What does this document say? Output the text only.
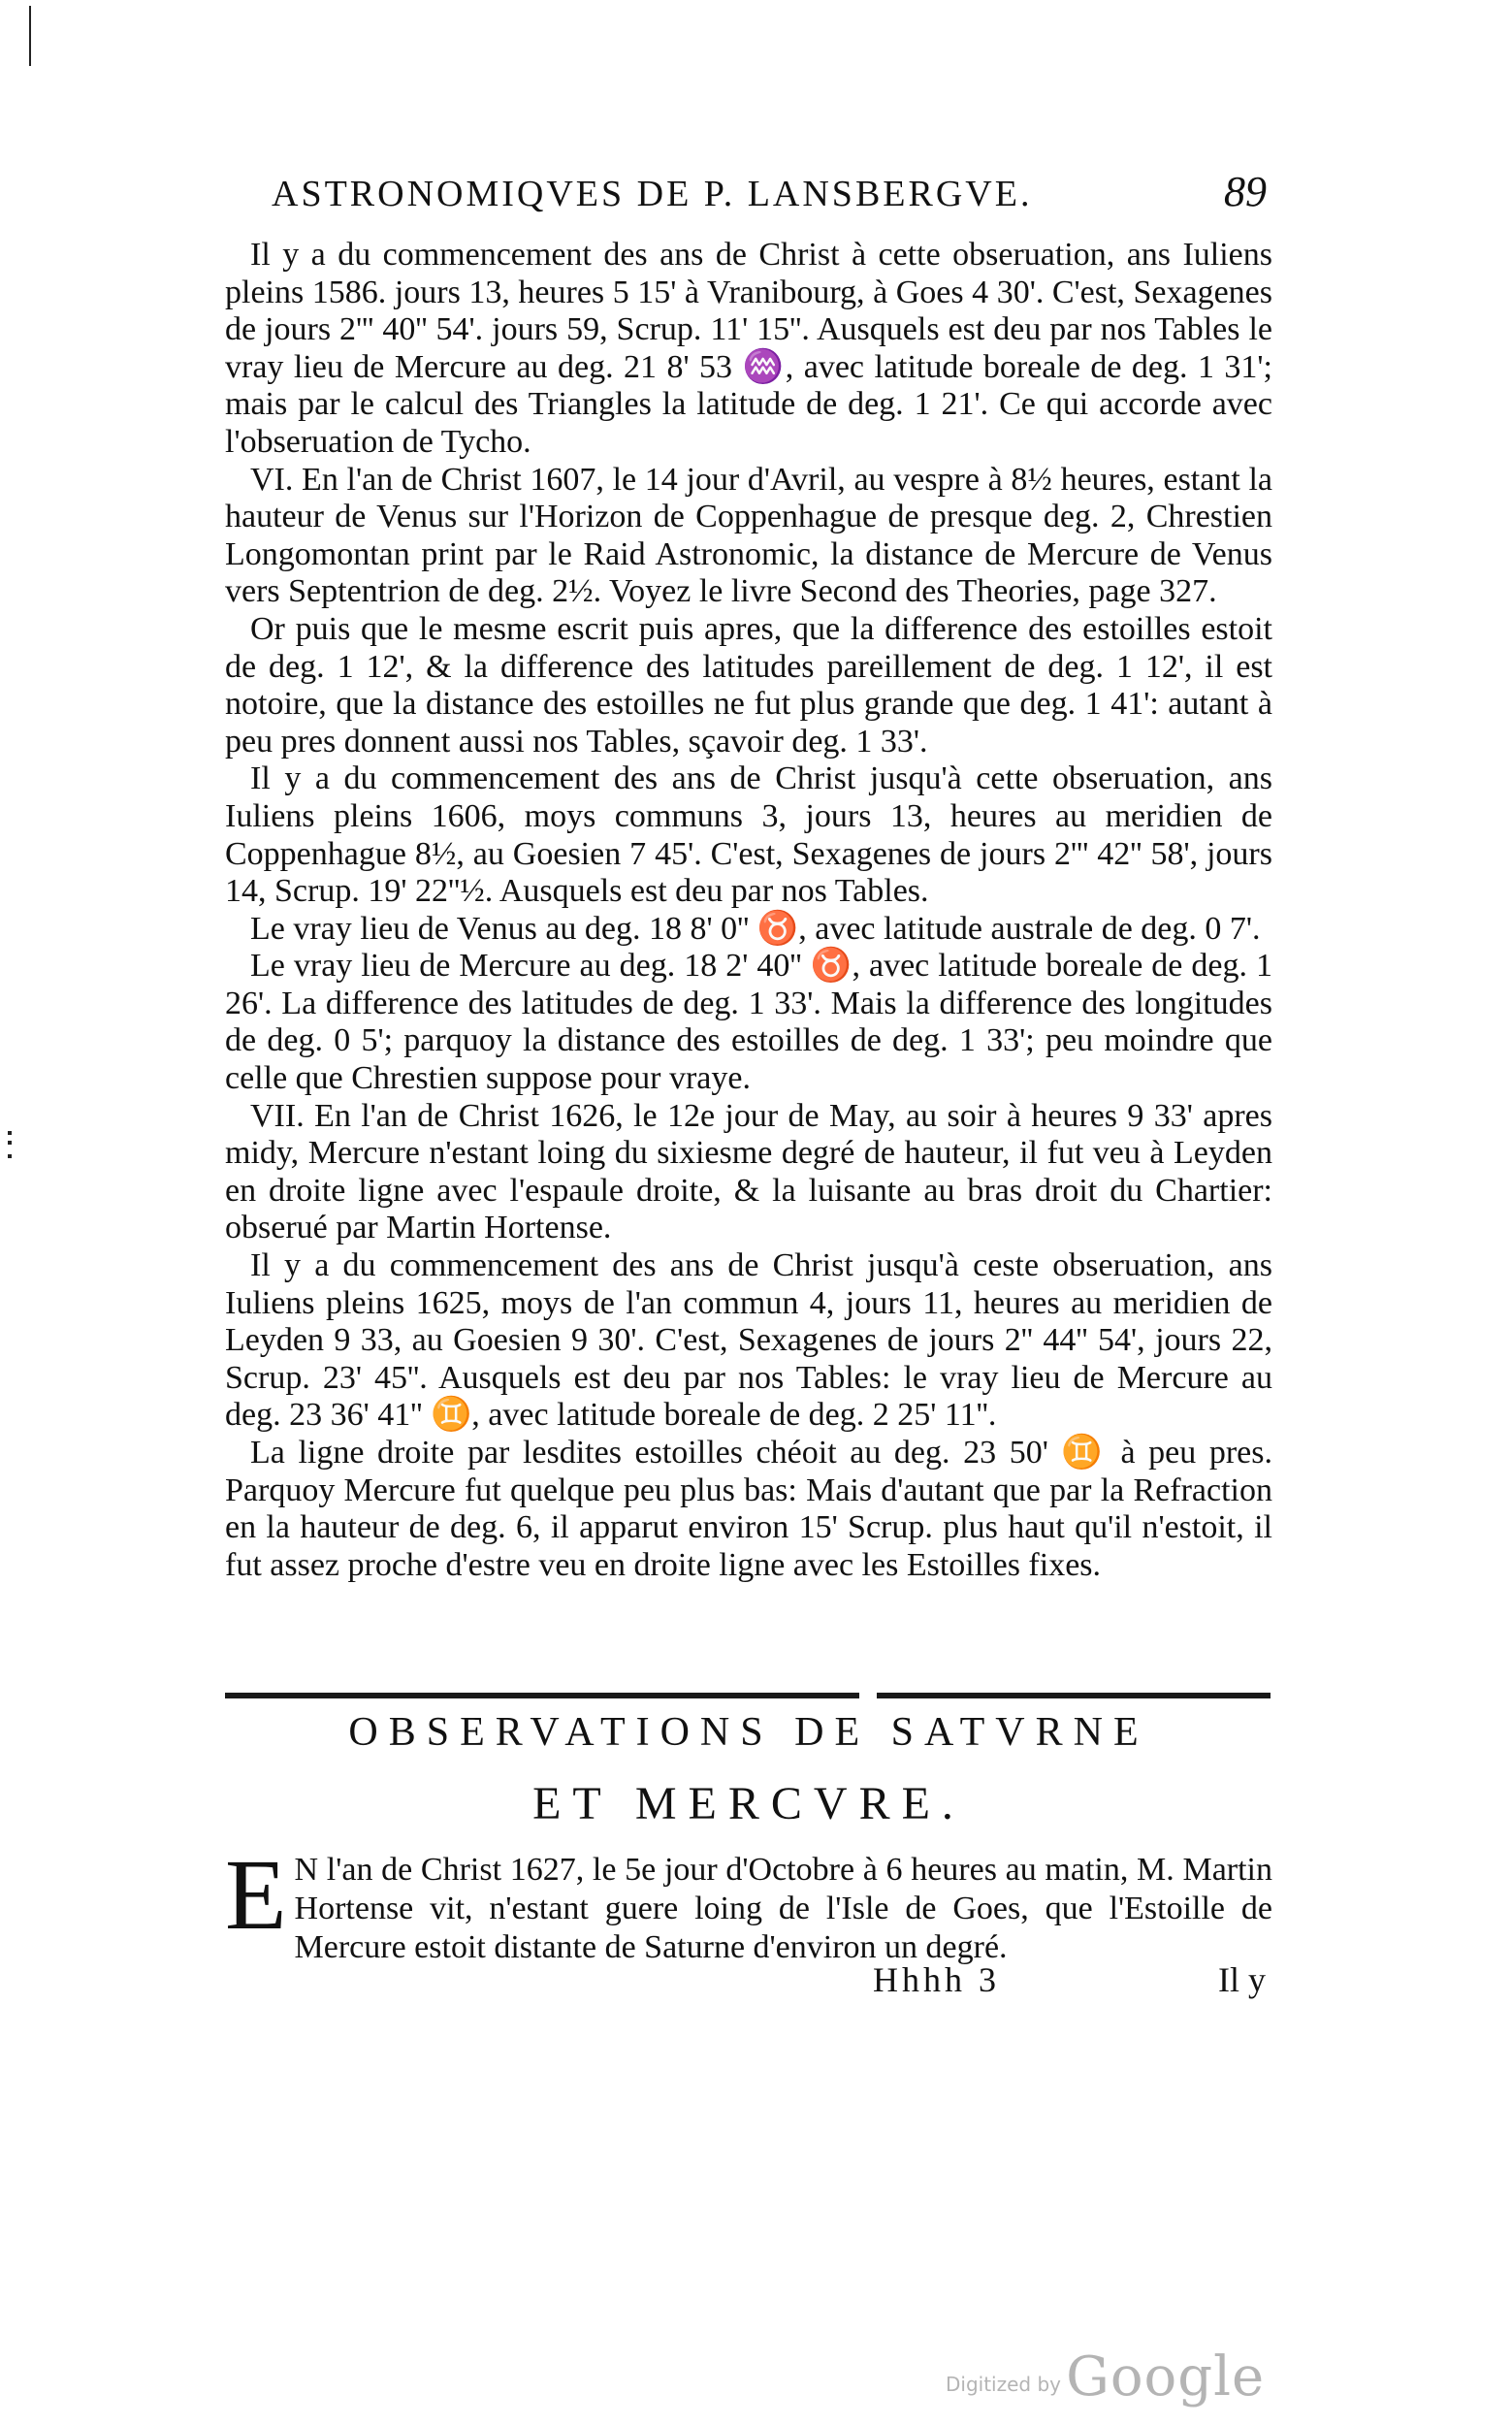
ASTRONOMIQVES DE P. LANSBERGVE.	89

Il y a du commencement des ans de Christ à cette obseruation, ans Iuliens pleins 1586. jours 13, heures 5 15' à Vranibourg, à Goes 4 30'. C'est, Sexagenes de jours 2''' 40'' 54'. jours 59, Scrup. 11' 15''. Ausquels est deu par nos Tables le vray lieu de Mercure au deg. 21 8' 53 ♒, avec latitude boreale de deg. 1 31'; mais par le calcul des Triangles la latitude de deg. 1 21'. Ce qui accorde avec l'obseruation de Tycho.

VI. En l'an de Christ 1607, le 14 jour d'Avril, au vespre à 8½ heures, estant la hauteur de Venus sur l'Horizon de Coppenhague de presque deg. 2, Chrestien Longomontan print par le Raid Astronomic, la distance de Mercure de Venus vers Septentrion de deg. 2½. Voyez le livre Second des Theories, page 327.

Or puis que le mesme escrit puis apres, que la difference des estoilles estoit de deg. 1 12', & la difference des latitudes pareillement de deg. 1 12', il est notoire, que la distance des estoilles ne fut plus grande que deg. 1 41': autant à peu pres donnent aussi nos Tables, sçavoir deg. 1 33'.

Il y a du commencement des ans de Christ jusqu'à cette obseruation, ans Iuliens pleins 1606, moys communs 3, jours 13, heures au meridien de Coppenhague 8½, au Goesien 7 45'. C'est, Sexagenes de jours 2''' 42'' 58', jours 14, Scrup. 19' 22''½. Ausquels est deu par nos Tables.

Le vray lieu de Venus au deg. 18 8' 0'' ♉, avec latitude australe de deg. 0 7'.

Le vray lieu de Mercure au deg. 18 2' 40'' ♉, avec latitude boreale de deg. 1 26'. La difference des latitudes de deg. 1 33'. Mais la difference des longitudes de deg. 0 5'; parquoy la distance des estoilles de deg. 1 33'; peu moindre que celle que Chrestien suppose pour vraye.

VII. En l'an de Christ 1626, le 12e jour de May, au soir à heures 9 33' apres midy, Mercure n'estant loing du sixiesme degré de hauteur, il fut veu à Leyden en droite ligne avec l'espaule droite, & la luisante au bras droit du Chartier: obserué par Martin Hortense.

Il y a du commencement des ans de Christ jusqu'à ceste obseruation, ans Iuliens pleins 1625, moys de l'an commun 4, jours 11, heures au meridien de Leyden 9 33, au Goesien 9 30'. C'est, Sexagenes de jours 2'' 44'' 54', jours 22, Scrup. 23' 45''. Ausquels est deu par nos Tables: le vray lieu de Mercure au deg. 23 36' 41'' ♊, avec latitude boreale de deg. 2 25' 11''.

La ligne droite par lesdites estoilles chéoit au deg. 23 50' ♊ à peu pres. Parquoy Mercure fut quelque peu plus bas: Mais d'autant que par la Refraction en la hauteur de deg. 6, il apparut environ 15' Scrup. plus haut qu'il n'estoit, il fut assez proche d'estre veu en droite ligne avec les Estoilles fixes.

OBSERVATIONS DE SATVRNE
ET MERCVRE.
E N l'an de Christ 1627, le 5e jour d'Octobre à 6 heures au matin, M. Martin Hortense vit, n'estant guere loing de l'Isle de Goes, que l'Estoille de Mercure estoit distante de Saturne d'environ un degré.
Hhhh 3	Il y
Digitized by Google
